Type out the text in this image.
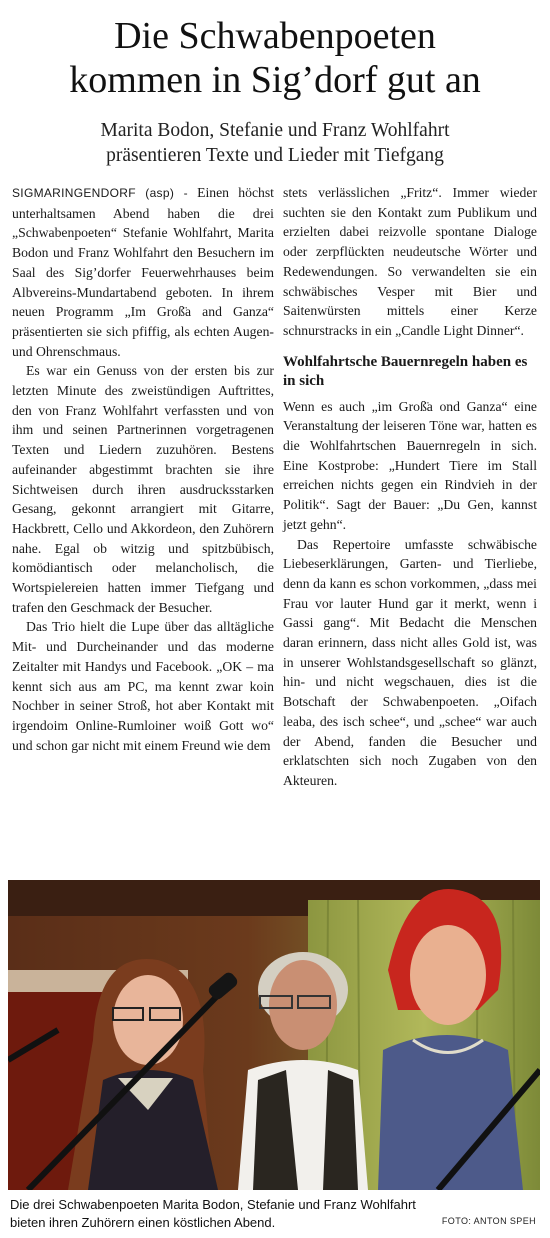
Die Schwabenpoeten
kommen in Sig’dorf gut an
Marita Bodon, Stefanie und Franz Wohlfahrt
präsentieren Texte und Lieder mit Tiefgang

SIGMARINGENDORF (asp) - Einen höchst unterhaltsamen Abend haben die drei „Schwabenpoeten“ Stefanie Wohlfahrt, Marita Bodon und Franz Wohlfahrt den Besuchern im Saal des Sig’dorfer Feuerwehrhauses beim Albvereins-Mundartabend geboten. In ihrem neuen Programm „Im Groß̈a and Ganza“ präsentierten sie sich pfiffig, als echten Augen- und Ohrenschmaus.

Es war ein Genuss von der ersten bis zur letzten Minute des zweistündigen Auftrittes, den von Franz Wohlfahrt verfassten und von ihm und seinen Partnerinnen vorgetragenen Texten und Liedern zuzuhören. Bestens aufeinander abgestimmt brachten sie ihre Sichtweisen durch ihren ausdrucksstarken Gesang, gekonnt arrangiert mit Gitarre, Hackbrett, Cello und Akkordeon, den Zuhörern nahe. Egal ob witzig und spitzbübisch, komödiantisch oder melancholisch, die Wortspielereien hatten immer Tiefgang und trafen den Geschmack der Besucher.

Das Trio hielt die Lupe über das alltägliche Mit- und Durcheinander und das moderne Zeitalter mit Handys und Facebook. „OK – ma kennt sich aus am PC, ma kennt zwar koin Nochber in seiner Stroß, hot aber Kontakt mit irgendoim Online-Rumloiner woiß Gott wo“ und schon gar nicht mit einem Freund wie dem

stets verlässlichen „Fritz“. Immer wieder suchten sie den Kontakt zum Publikum und erzielten dabei reizvolle spontane Dialoge oder zerpflückten neudeutsche Wörter und Redewendungen. So verwandelten sie ein schwäbisches Vesper mit Bier und Saitenwürsten mittels einer Kerze schnurstracks in ein „Candle Light Dinner“.

Wohlfahrtsche Bauernregeln haben es in sich

Wenn es auch „im Groß̈a ond Ganza“ eine Veranstaltung der leiseren Töne war, hatten es die Wohlfahrtschen Bauernregeln in sich. Eine Kostprobe: „Hundert Tiere im Stall erreichen nichts gegen ein Rindvieh in der Politik“. Sagt der Bauer: „Du Gen, kannst jetzt gehn“.

Das Repertoire umfasste schwäbische Liebeserklärungen, Garten- und Tierliebe, denn da kann es schon vorkommen, „dass mei Frau vor lauter Hund gar it merkt, wenn i Gassi gang“. Mit Bedacht die Menschen daran erinnern, dass nicht alles Gold ist, was in unserer Wohlstandsgesellschaft so glänzt, hin- und nicht wegschauen, dies ist die Botschaft der Schwabenpoeten. „Oifach leaba, des isch schee“, und „schee“ war auch der Abend, fanden die Besucher und erklatschten sich noch Zugaben von den Akteuren.

Die drei Schwabenpoeten Marita Bodon, Stefanie und Franz Wohlfahrt
bieten ihren Zuhörern einen köstlichen Abend.	FOTO: ANTON SPEH
